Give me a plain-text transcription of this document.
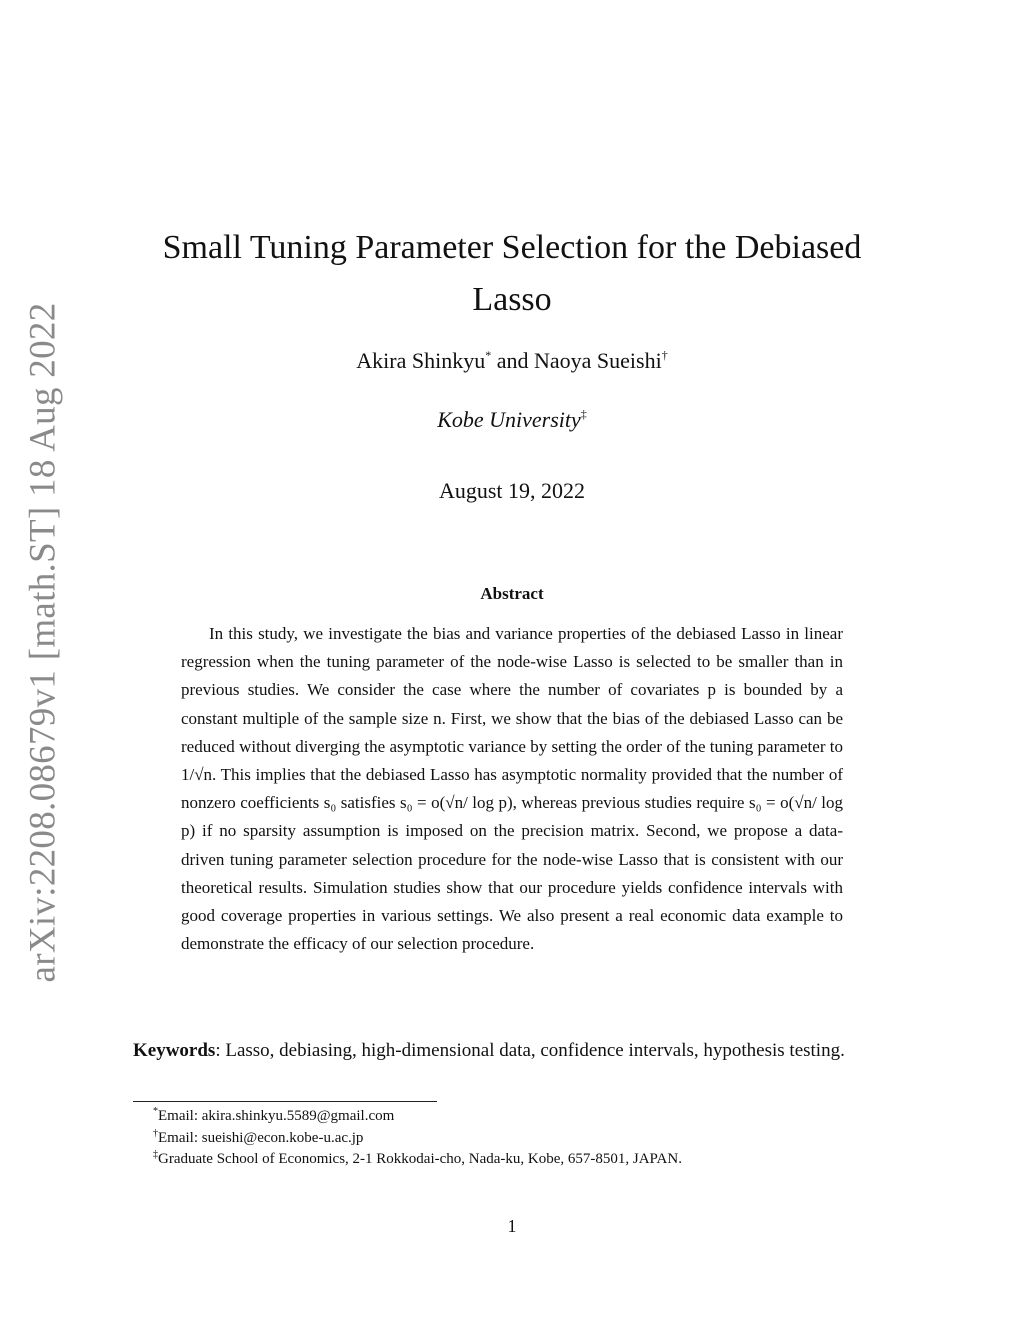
arXiv:2208.08679v1 [math.ST] 18 Aug 2022
Small Tuning Parameter Selection for the Debiased Lasso
Akira Shinkyu* and Naoya Sueishi†
Kobe University‡
August 19, 2022
Abstract

In this study, we investigate the bias and variance properties of the debiased Lasso in linear regression when the tuning parameter of the node-wise Lasso is selected to be smaller than in previous studies. We consider the case where the number of covariates p is bounded by a constant multiple of the sample size n. First, we show that the bias of the debiased Lasso can be reduced without diverging the asymptotic variance by setting the order of the tuning parameter to 1/√n. This implies that the debiased Lasso has asymptotic normality provided that the number of nonzero coefficients s₀ satisfies s₀ = o(√n/ log p), whereas previous studies require s₀ = o(√n/ log p) if no sparsity assumption is imposed on the precision matrix. Second, we propose a data-driven tuning parameter selection procedure for the node-wise Lasso that is consistent with our theoretical results. Simulation studies show that our procedure yields confidence intervals with good coverage properties in various settings. We also present a real economic data example to demonstrate the efficacy of our selection procedure.

Keywords: Lasso, debiasing, high-dimensional data, confidence intervals, hypothesis testing.

*Email: akira.shinkyu.5589@gmail.com
†Email: sueishi@econ.kobe-u.ac.jp
‡Graduate School of Economics, 2-1 Rokkodai-cho, Nada-ku, Kobe, 657-8501, JAPAN.
1
